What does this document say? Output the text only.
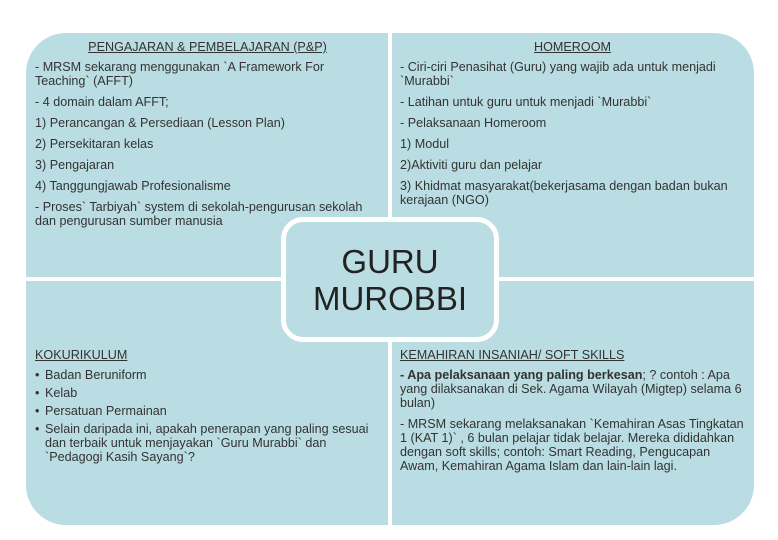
PENGAJARAN & PEMBELAJARAN (P&P)

- MRSM sekarang menggunakan `A Framework For Teaching` (AFFT)

- 4 domain dalam AFFT;

1) Perancangan & Persediaan (Lesson Plan)

2) Persekitaran kelas

3) Pengajaran

4) Tanggungjawab Profesionalisme

- Proses` Tarbiyah` system di sekolah-pengurusan sekolah dan pengurusan sumber manusia

HOMEROOM

- Ciri-ciri Penasihat (Guru) yang wajib ada untuk menjadi `Murabbi`

- Latihan untuk guru untuk menjadi `Murabbi`

- Pelaksanaan Homeroom

1) Modul

2)Aktiviti guru dan pelajar

3) Khidmat masyarakat(bekerjasama dengan badan bukan kerajaan (NGO)

KOKURIKULUM
• Badan Beruniform
• Kelab
• Persatuan Permainan
• Selain daripada ini, apakah penerapan yang paling sesuai dan terbaik untuk menjayakan `Guru Murabbi` dan `Pedagogi Kasih Sayang`?
KEMAHIRAN INSANIAH/ SOFT SKILLS

- Apa pelaksanaan yang paling berkesan; ? contoh : Apa yang dilaksanakan di Sek. Agama Wilayah (Migtep) selama 6 bulan)

- MRSM sekarang melaksanakan `Kemahiran Asas Tingkatan 1 (KAT 1)` , 6 bulan pelajar tidak belajar. Mereka dididahkan dengan soft skills; contoh: Smart Reading, Pengucapan Awam, Kemahiran Agama Islam dan lain-lain lagi.

GURU
MUROBBI
